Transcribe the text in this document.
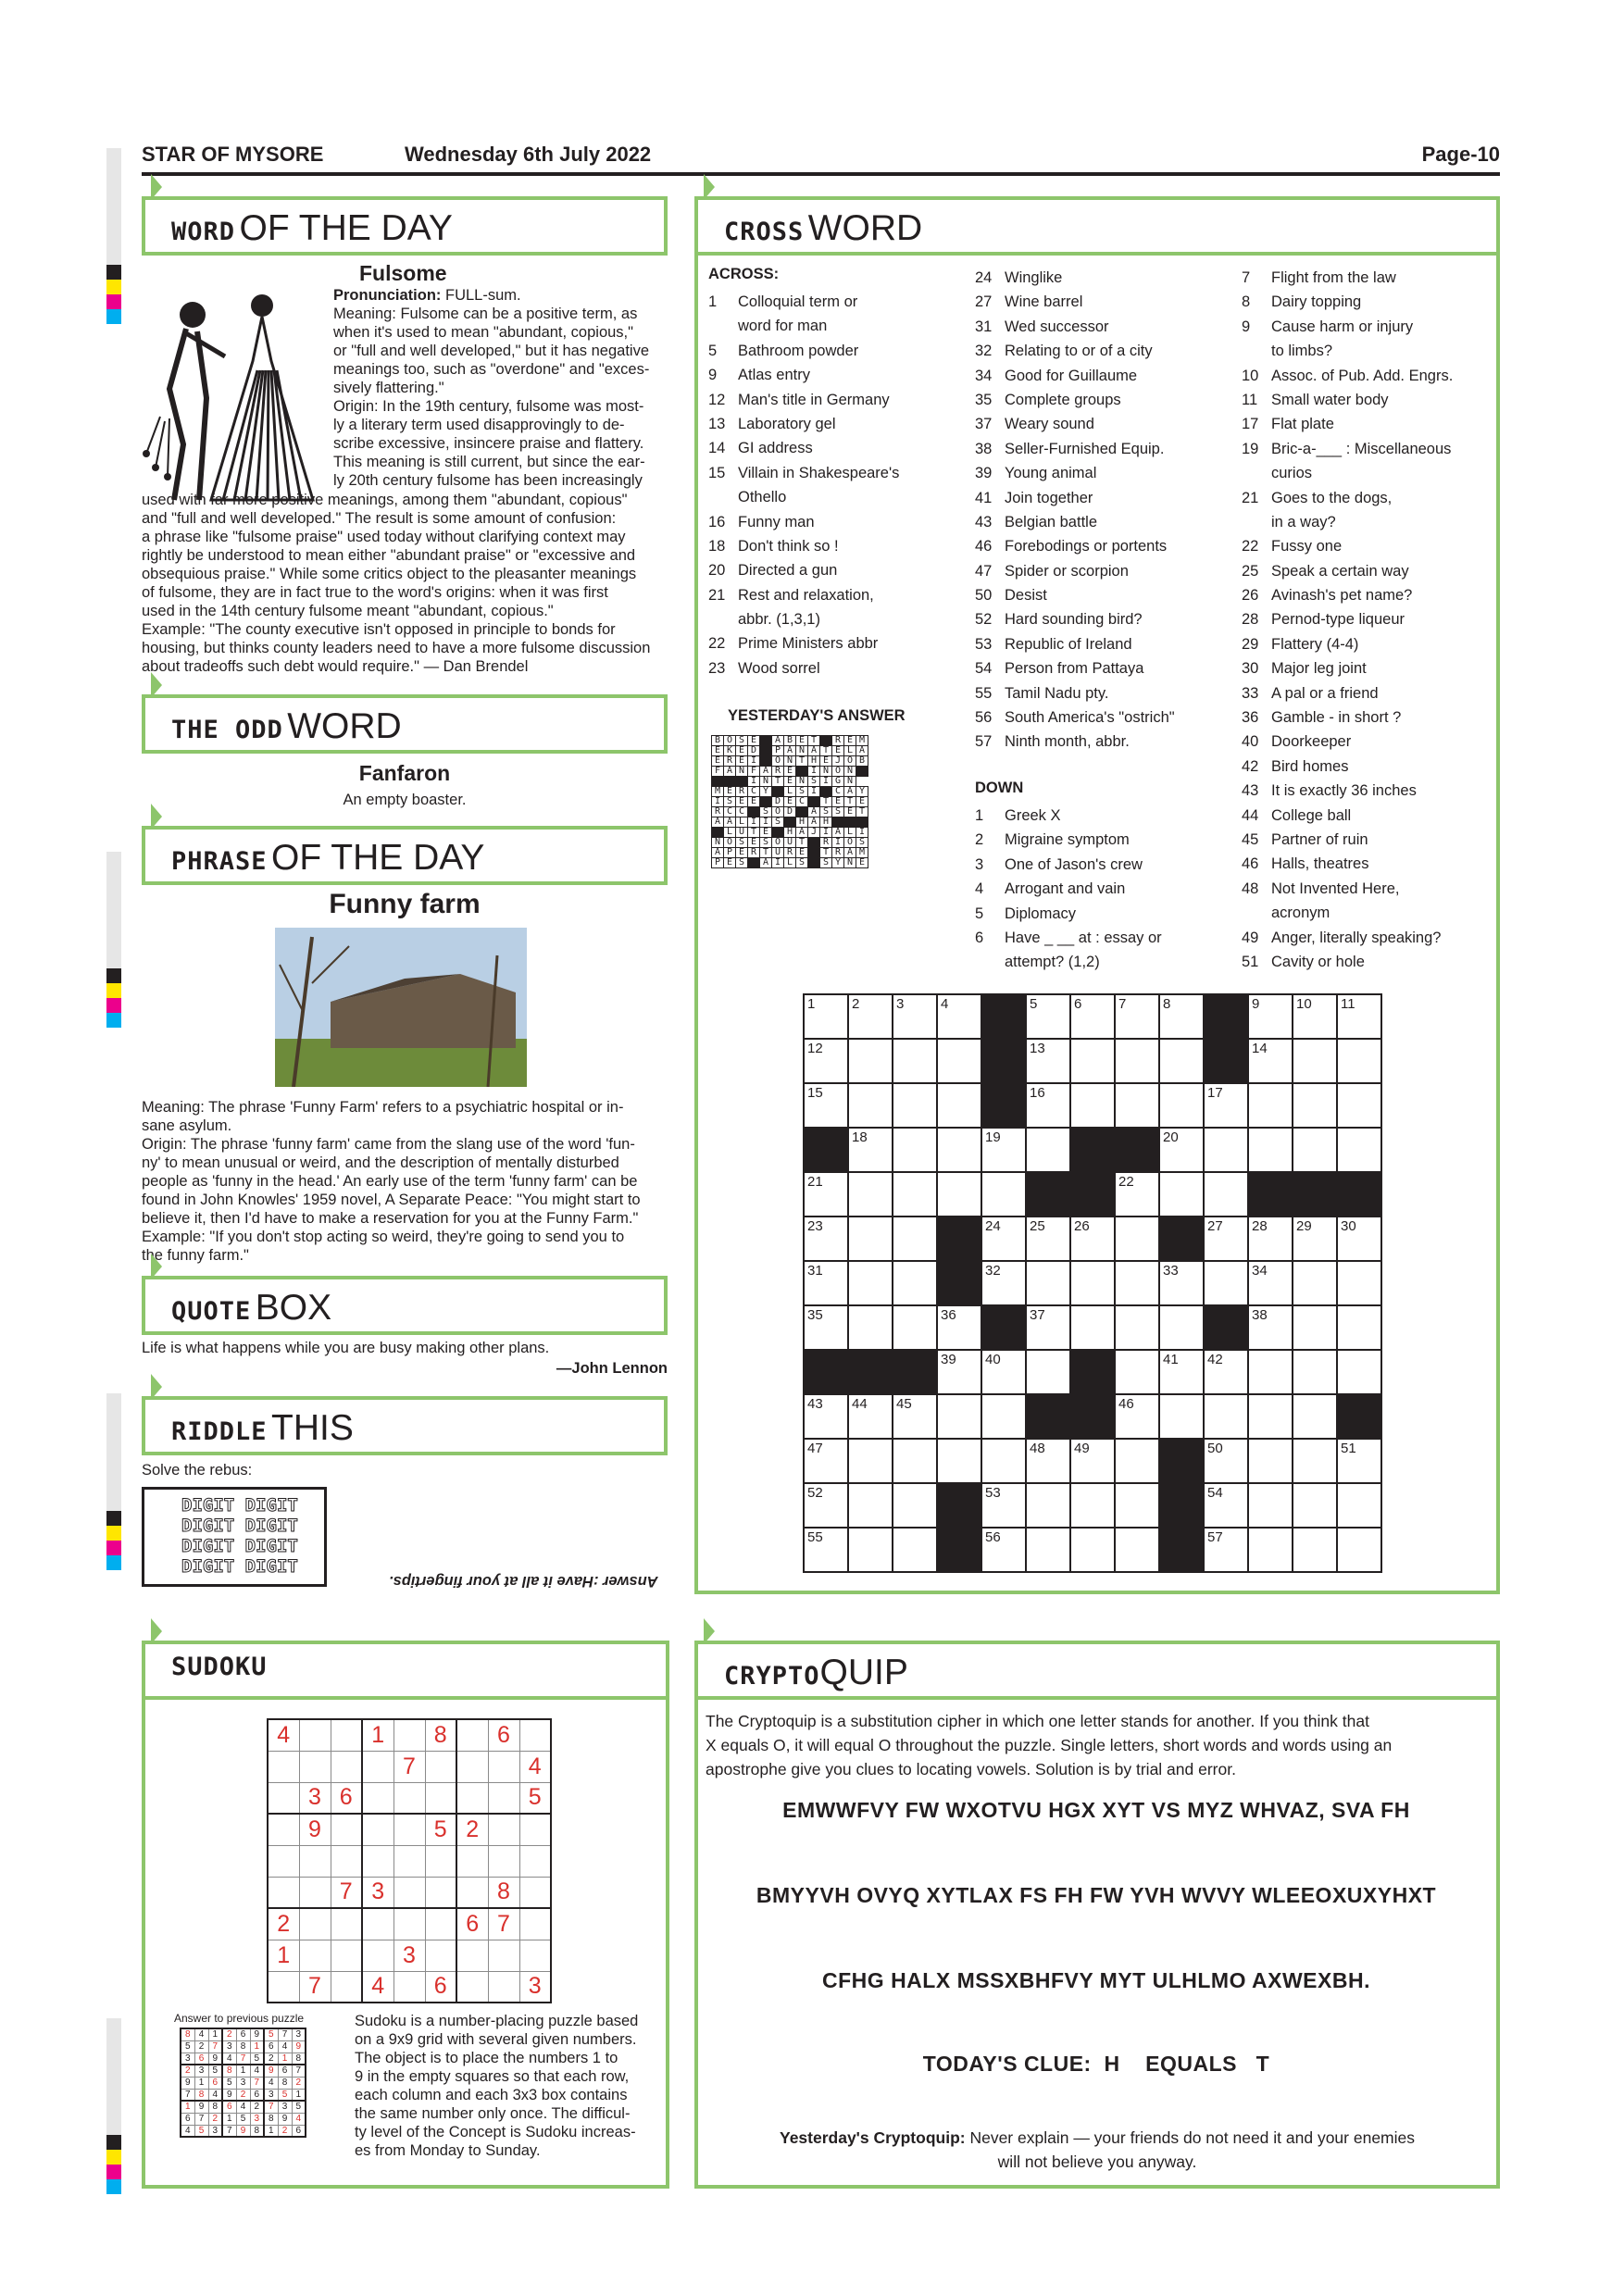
STAR OF MYSORE	Wednesday 6th July 2022	Page-10
WORD OF THE DAY
Fulsome
Pronunciation: FULL-sum.
Meaning: Fulsome can be a positive term, as
when it's used to mean "abundant, copious,"
or "full and well developed," but it has negative
meanings too, such as "overdone" and "exces-
sively flattering."
Origin: In the 19th century, fulsome was most-
ly a literary term used disapprovingly to de-
scribe excessive, insincere praise and flattery.
This meaning is still current, but since the ear-
ly 20th century fulsome has been increasingly
used with far more positive meanings, among them "abundant, copious"
and "full and well developed." The result is some amount of confusion:
a phrase like "fulsome praise" used today without clarifying context may
rightly be understood to mean either "abundant praise" or "excessive and
obsequious praise." While some critics object to the pleasanter meanings
of fulsome, they are in fact true to the word's origins: when it was first
used in the 14th century fulsome meant "abundant, copious."
Example: "The county executive isn't opposed in principle to bonds for
housing, but thinks county leaders need to have a more fulsome discussion
about tradeoffs such debt would require." — Dan Brendel
THE ODD WORD
Fanfaron
An empty boaster.
PHRASE OF THE DAY
Funny farm
Meaning: The phrase 'Funny Farm' refers to a psychiatric hospital or in-
sane asylum.
Origin: The phrase 'funny farm' came from the slang use of the word 'fun-
ny' to mean unusual or weird, and the description of mentally disturbed
people as 'funny in the head.' An early use of the term 'funny farm' can be
found in John Knowles' 1959 novel, A Separate Peace: "You might start to
believe it, then I'd have to make a reservation for you at the Funny Farm."
Example: "If you don't stop acting so weird, they're going to send you to
the funny farm."
QUOTE BOX
Life is what happens while you are busy making other plans.
—John Lennon
RIDDLE THIS
Solve the rebus:
DIGIT DIGIT
DIGIT DIGIT
DIGIT DIGIT
DIGIT DIGIT
Answer :Have it all at your fingertips.
CROSS WORD
ACROSS:
1 Colloquial term or
word for man
5 Bathroom powder
9 Atlas entry
12 Man's title in Germany
13 Laboratory gel
14 GI address
15 Villain in Shakespeare's
Othello
16 Funny man
18 Don't think so !
20 Directed a gun
21 Rest and relaxation,
abbr. (1,3,1)
22 Prime Ministers abbr
23 Wood sorrel
24 Winglike
27 Wine barrel
31 Wed successor
32 Relating to or of a city
34 Good for Guillaume
35 Complete groups
37 Weary sound
38 Seller-Furnished Equip.
39 Young animal
41 Join together
43 Belgian battle
46 Forebodings or portents
47 Spider or scorpion
50 Desist
52 Hard sounding bird?
53 Republic of Ireland
54 Person from Pattaya
55 Tamil Nadu pty.
56 South America's "ostrich"
57 Ninth month, abbr.
DOWN
1 Greek X
2 Migraine symptom
3 One of Jason's crew
4 Arrogant and vain
5 Diplomacy
6 Have _ __ at : essay or
attempt? (1,2)
7 Flight from the law
8 Dairy topping
9 Cause harm or injury
to limbs?
10 Assoc. of Pub. Add. Engrs.
11 Small water body
17 Flat plate
19 Bric-a-___ : Miscellaneous
curios
21 Goes to the dogs,
in a way?
22 Fussy one
25 Speak a certain way
26 Avinash's pet name?
28 Pernod-type liqueur
29 Flattery (4-4)
30 Major leg joint
33 A pal or a friend
36 Gamble - in short ?
40 Doorkeeper
42 Bird homes
43 It is exactly 36 inches
44 College ball
45 Partner of ruin
46 Halls, theatres
48 Not Invented Here,
acronym
49 Anger, literally speaking?
51 Cavity or hole
YESTERDAY'S ANSWER
B	O	S	E		A	B	E	T		R	E	M
E	K	E	D		P	A	N	A	T	E	L	A
E	R	E	I		O	N	T	H	E	J	O	B
F	A	N	F	A	R	E		I	N	O	N	
			I	N	T	E	N	S	I	G	N	
M	E	R	C	Y		L	S	I		C	A	Y
I	S	E	E		D	E	C		T	E	T	E
R	C	C		S	O	D		A	S	S	E	T
A	A	L	I	I	S		H	A	H			
	L	U	T	E		H	A	J	I	A	L	I
N	O	S	E	S	O	U	T		R	I	O	S
A	P	E	R	T	U	R	E		T	R	A	M
P	E	S		A	I	L	S		S	Y	N	E
1	2	3	4		5	6	7	8		9	10	11
12					13					14		
15					16				17			
	18			19				20				
21							22					
23				24	25	26			27	28	29	30
31				32				33		34		
35			36		37					38		
			39	40				41	42			
43	44	45					46					
47					48	49			50			51
52				53					54			
55				56					57			
SUDOKU
4			1		8		6	
				7				4
	3	6						5
	9				5	2		

		7	3				8	
2						6	7	
1				3				
	7		4		6			3
Answer to previous puzzle
8	4	1	2	6	9	5	7	3
5	2	7	3	8	1	6	4	9
3	6	9	4	7	5	2	1	8
2	3	5	8	1	4	9	6	7
9	1	6	5	3	7	4	8	2
7	8	4	9	2	6	3	5	1
1	9	8	6	4	2	7	3	5
6	7	2	1	5	3	8	9	4
4	5	3	7	9	8	1	2	6
Sudoku is a number-placing puzzle based
on a 9x9 grid with several given numbers.
The object is to place the numbers 1 to
9 in the empty squares so that each row,
each column and each 3x3 box contains
the same number only once. The difficul-
ty level of the Concept is Sudoku increas-
es from Monday to Sunday.
CRYPTOQUIP
The Cryptoquip is a substitution cipher in which one letter stands for another. If you think that
X equals O, it will equal O throughout the puzzle. Single letters, short words and words using an
apostrophe give you clues to locating vowels. Solution is by trial and error.
EMWWFVY FW WXOTVU HGX XYT VS MYZ WHVAZ, SVA FH
BMYYVH OVYQ XYTLAX FS FH FW YVH WVVY WLEEOXUXYHXT
CFHG HALX MSSXBHFVY MYT ULHLMO AXWEXBH.
TODAY'S CLUE:  H    EQUALS   T
Yesterday's Cryptoquip: Never explain — your friends do not need it and your enemies
will not believe you anyway.
